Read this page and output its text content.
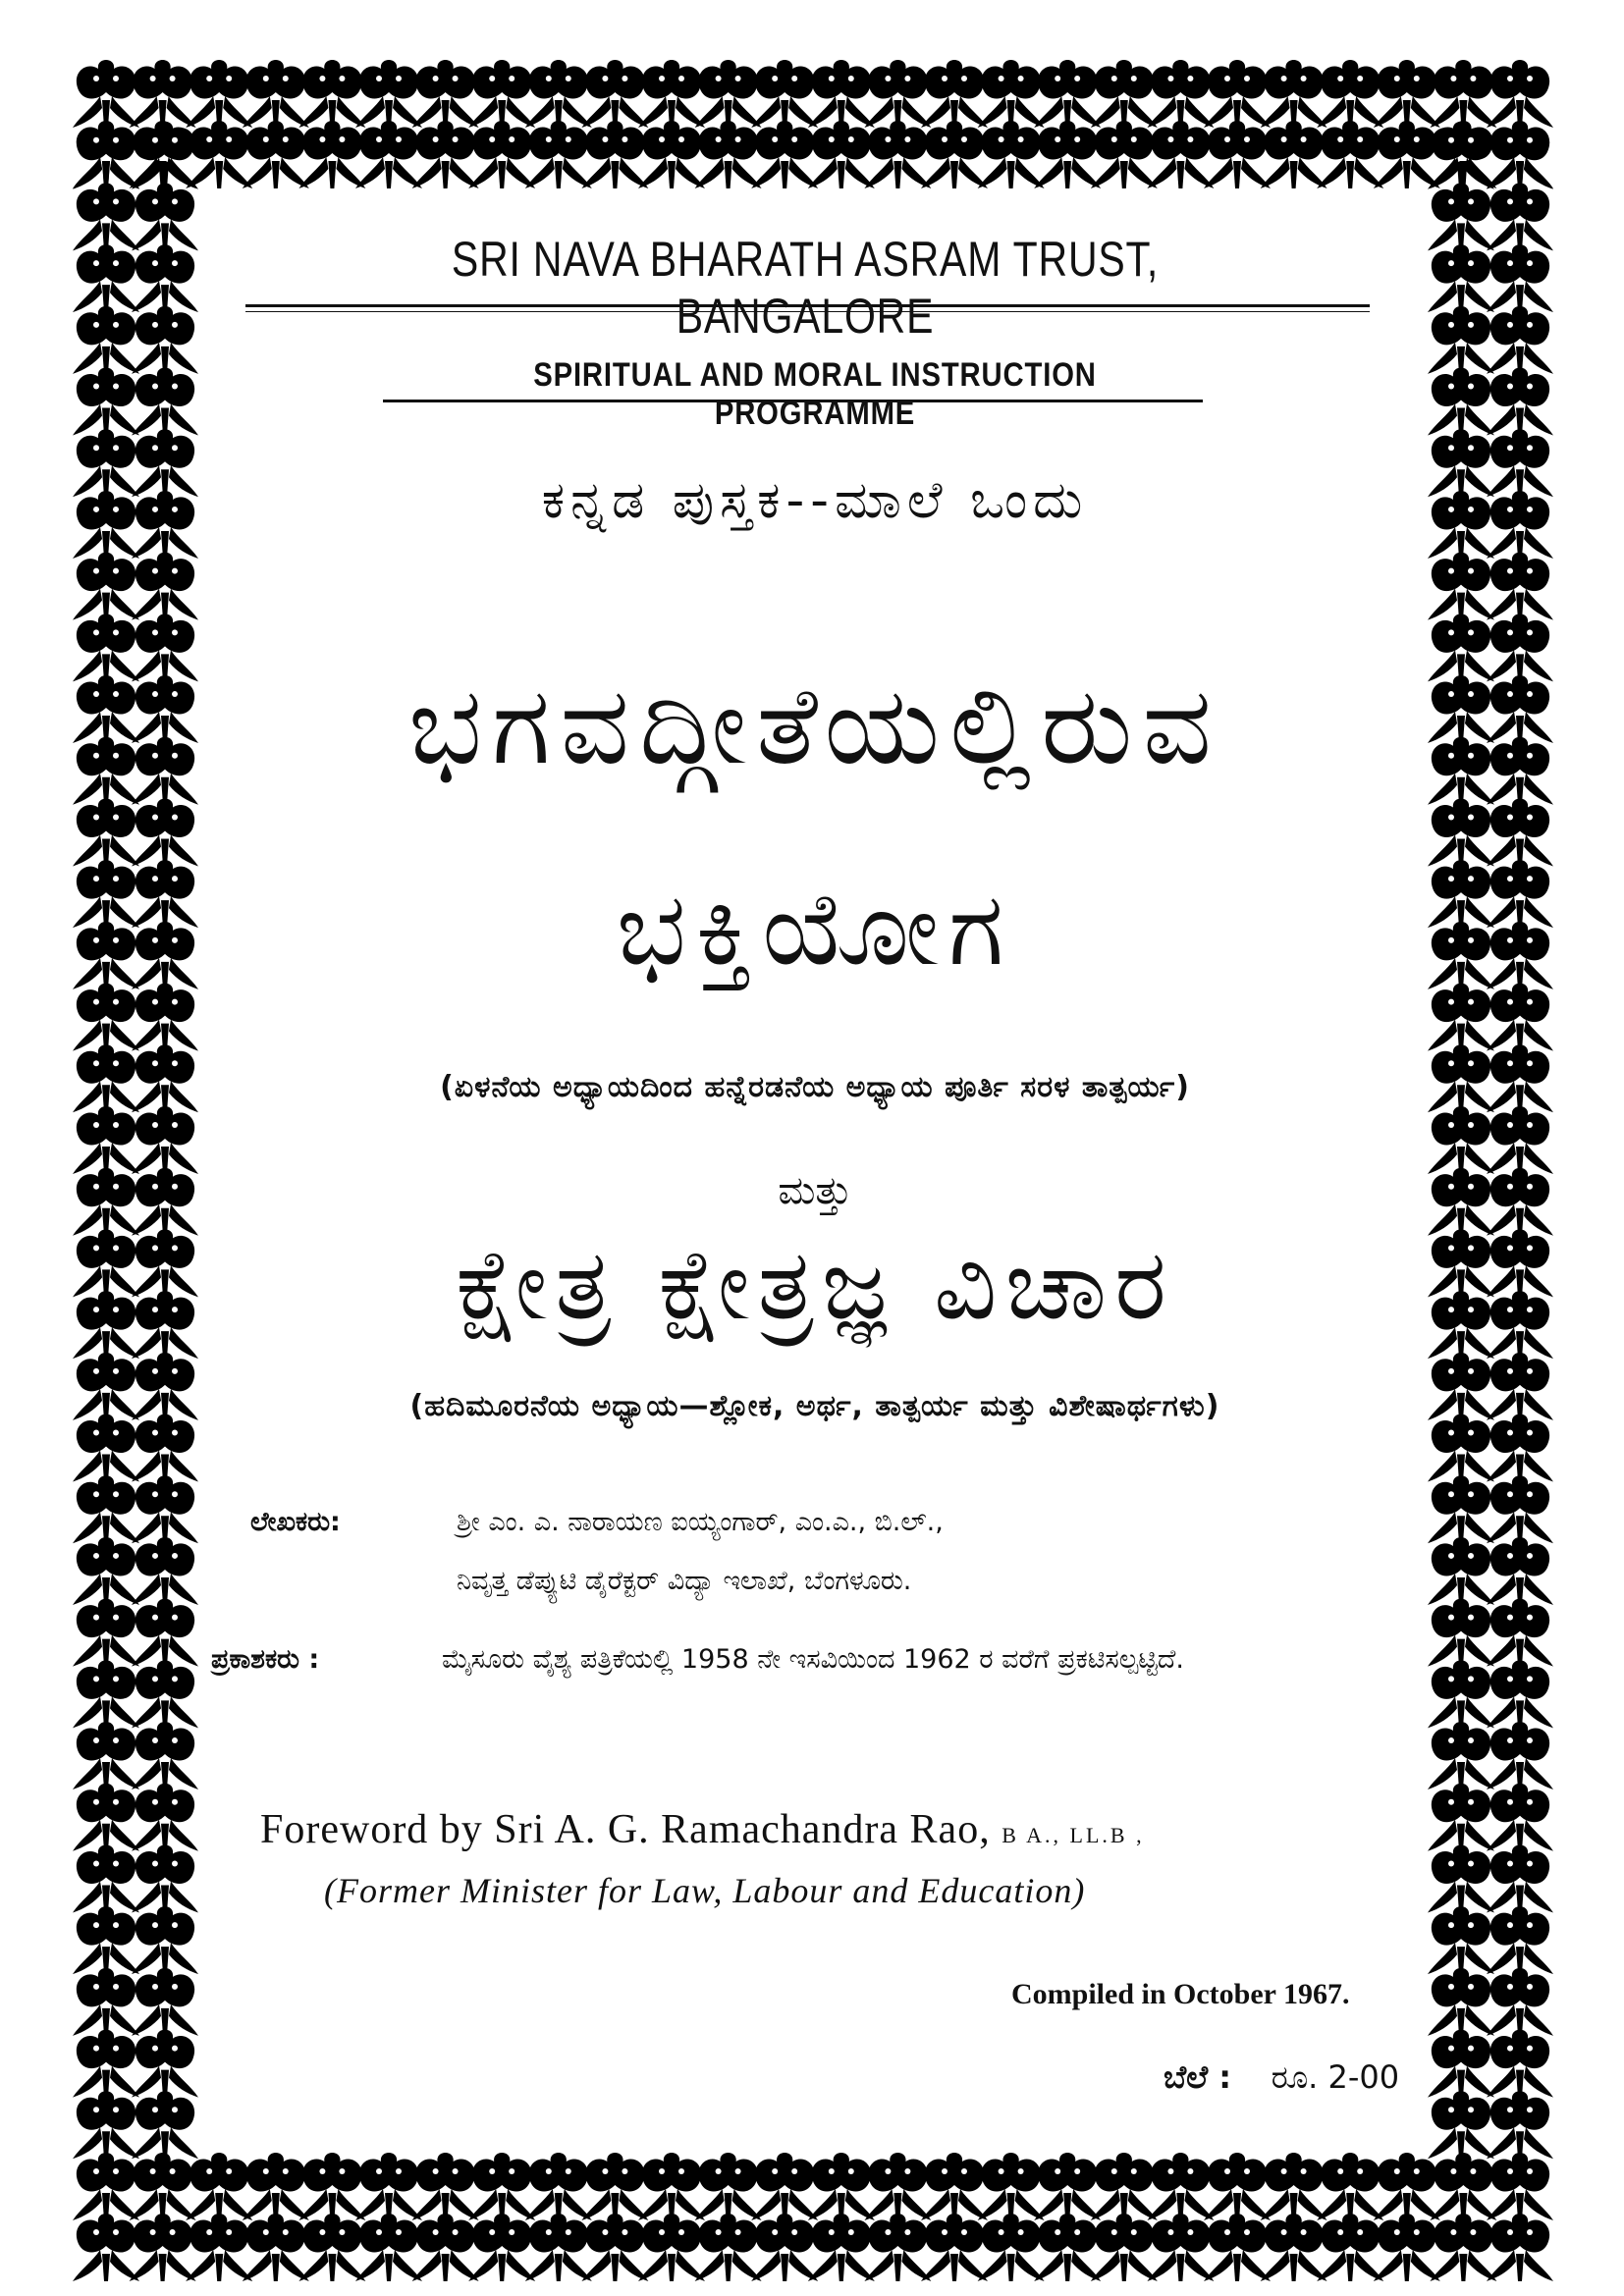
SRI NAVA BHARATH ASRAM TRUST, BANGALORE
SPIRITUAL AND MORAL INSTRUCTION PROGRAMME
ಕನ್ನಡ ಪುಸ್ತಕ--ಮಾಲೆ ಒಂದು
ಭಗವದ್ಗೀತೆಯಲ್ಲಿರುವ
ಭಕ್ತಿಯೋಗ
(ಏಳನೆಯ ಅಧ್ಯಾಯದಿಂದ ಹನ್ನೆರಡನೆಯ ಅಧ್ಯಾಯ ಪೂರ್ತಿ ಸರಳ ತಾತ್ಪರ್ಯ)
ಮತ್ತು
ಕ್ಷೇತ್ರ ಕ್ಷೇತ್ರಜ್ಞ ವಿಚಾರ
(ಹದಿಮೂರನೆಯ ಅಧ್ಯಾಯ—ಶ್ಲೋಕ, ಅರ್ಥ, ತಾತ್ಪರ್ಯ ಮತ್ತು ವಿಶೇಷಾರ್ಥಗಳು)
ಲೇಖಕರು:	ಶ್ರೀ ಎಂ. ಎ. ನಾರಾಯಣ ಐಯ್ಯಂಗಾರ್, ಎಂ.ಎ., ಬಿ.ಲ್.,
ನಿವೃತ್ತ ಡೆಪ್ಯುಟಿ ಡೈರೆಕ್ಟರ್ ವಿದ್ಯಾ ಇಲಾಖೆ, ಬೆಂಗಳೂರು.
ಪ್ರಕಾಶಕರು :	ಮೈಸೂರು ವೈಶ್ಯ ಪತ್ರಿಕೆಯಲ್ಲಿ 1958 ನೇ ಇಸವಿಯಿಂದ 1962 ರ ವರೆಗೆ ಪ್ರಕಟಿಸಲ್ಪಟ್ಟಿದೆ.
Foreword by Sri A. G. Ramachandra Rao, B A., LL.B ,
(Former Minister for Law, Labour and Education)
Compiled in October 1967.
ಬೆಲೆ : ರೂ. 2-00
